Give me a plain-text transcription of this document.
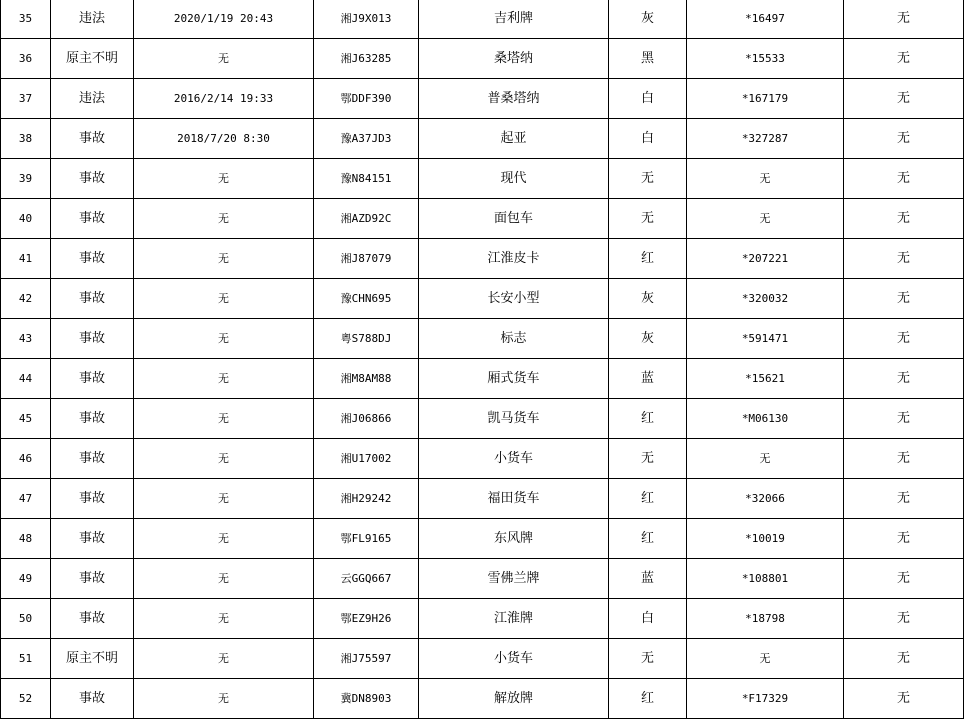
35	违法	2020/1/19 20:43	湘J9X013	吉利牌	灰	*16497	无
36	原主不明	无	湘J63285	桑塔纳	黑	*15533	无
37	违法	2016/2/14 19:33	鄂DDF390	普桑塔纳	白	*167179	无
38	事故	2018/7/20 8:30	豫A37JD3	起亚	白	*327287	无
39	事故	无	豫N84151	现代	无	无	无
40	事故	无	湘AZD92C	面包车	无	无	无
41	事故	无	湘J87079	江淮皮卡	红	*207221	无
42	事故	无	豫CHN695	长安小型	灰	*320032	无
43	事故	无	粤S788DJ	标志	灰	*591471	无
44	事故	无	湘M8AM88	厢式货车	蓝	*15621	无
45	事故	无	湘J06866	凯马货车	红	*M06130	无
46	事故	无	湘U17002	小货车	无	无	无
47	事故	无	湘H29242	福田货车	红	*32066	无
48	事故	无	鄂FL9165	东风牌	红	*10019	无
49	事故	无	云GGQ667	雪佛兰牌	蓝	*108801	无
50	事故	无	鄂EZ9H26	江淮牌	白	*18798	无
51	原主不明	无	湘J75597	小货车	无	无	无
52	事故	无	冀DN8903	解放牌	红	*F17329	无
